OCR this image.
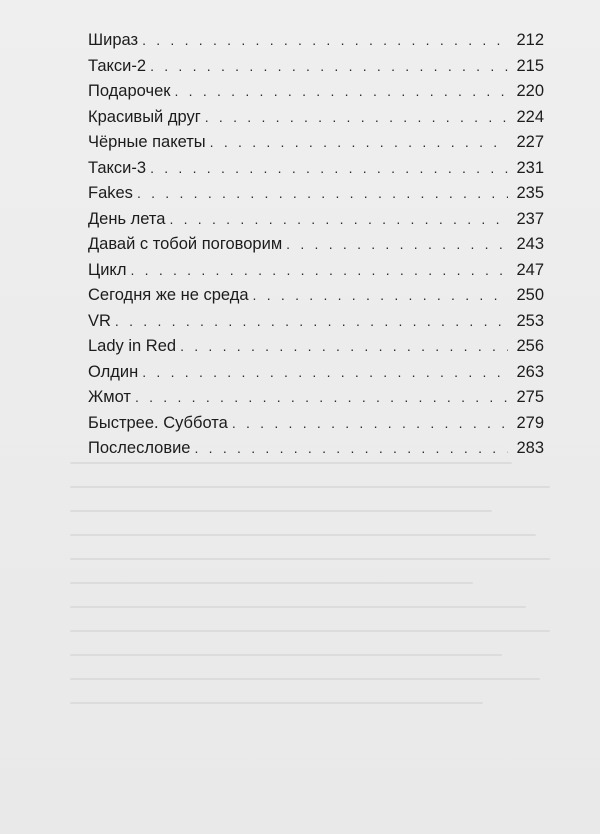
Шираз . . .	212
Такси-2 . . .	215
Подарочек . . .	220
Красивый друг . . .	224
Чёрные пакеты . . .	227
Такси-3 . . .	231
Fakes . . .	235
День лета . . .	237
Давай с тобой поговорим . . .	243
Цикл . . .	247
Сегодня же не среда . . .	250
VR . . .	253
Lady in Red . . .	256
Олдин . . .	263
Жмот . . .	275
Быстрее. Суббота . . .	279
Послесловие . . .	283
